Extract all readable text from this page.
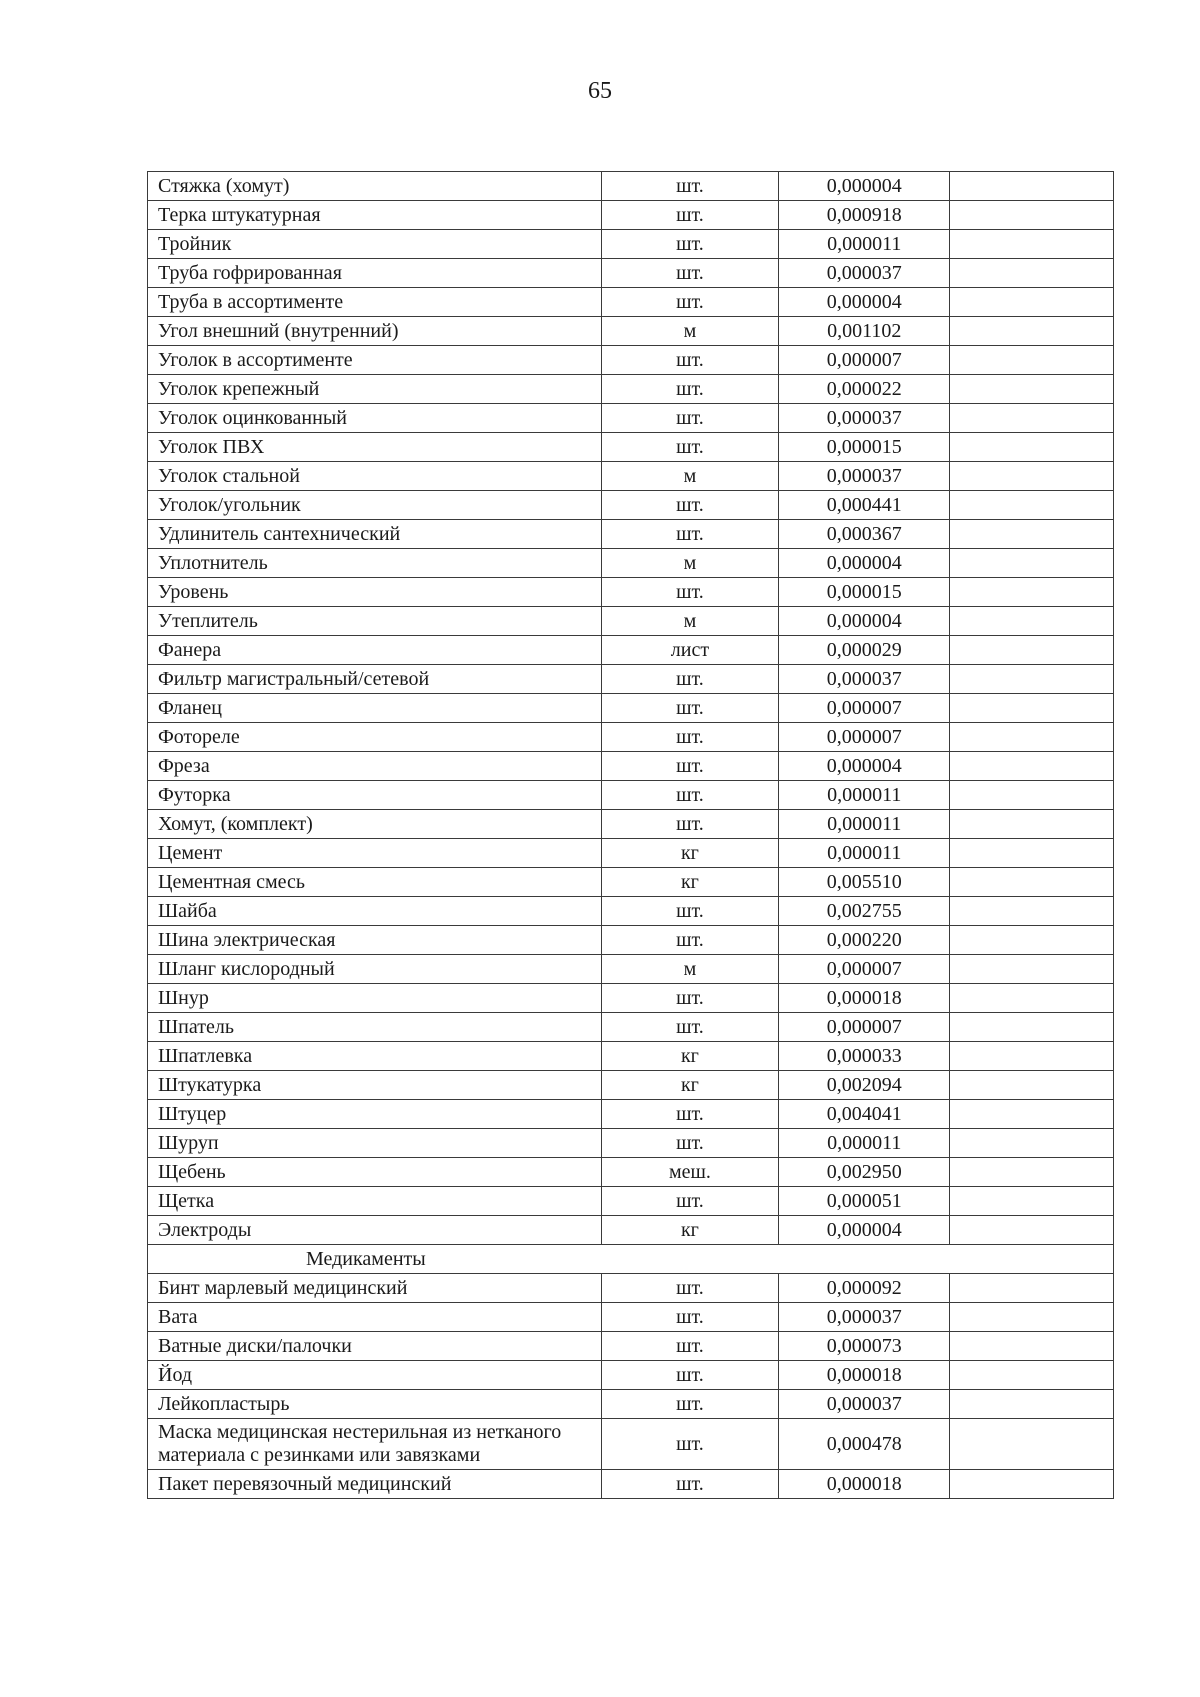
65
Стяжка (хомут)	шт.	0,000004	
Терка штукатурная	шт.	0,000918	
Тройник	шт.	0,000011	
Труба гофрированная	шт.	0,000037	
Труба в ассортименте	шт.	0,000004	
Угол внешний (внутренний)	м	0,001102	
Уголок в ассортименте	шт.	0,000007	
Уголок крепежный	шт.	0,000022	
Уголок оцинкованный	шт.	0,000037	
Уголок ПВХ	шт.	0,000015	
Уголок стальной	м	0,000037	
Уголок/угольник	шт.	0,000441	
Удлинитель сантехнический	шт.	0,000367	
Уплотнитель	м	0,000004	
Уровень	шт.	0,000015	
Утеплитель	м	0,000004	
Фанера	лист	0,000029	
Фильтр магистральный/сетевой	шт.	0,000037	
Фланец	шт.	0,000007	
Фотореле	шт.	0,000007	
Фреза	шт.	0,000004	
Футорка	шт.	0,000011	
Хомут, (комплект)	шт.	0,000011	
Цемент	кг	0,000011	
Цементная смесь	кг	0,005510	
Шайба	шт.	0,002755	
Шина электрическая	шт.	0,000220	
Шланг кислородный	м	0,000007	
Шнур	шт.	0,000018	
Шпатель	шт.	0,000007	
Шпатлевка	кг	0,000033	
Штукатурка	кг	0,002094	
Штуцер	шт.	0,004041	
Шуруп	шт.	0,000011	
Щебень	меш.	0,002950	
Щетка	шт.	0,000051	
Электроды	кг	0,000004	
Медикаменты			
Бинт марлевый медицинский	шт.	0,000092	
Вата	шт.	0,000037	
Ватные диски/палочки	шт.	0,000073	
Йод	шт.	0,000018	
Лейкопластырь	шт.	0,000037	
Маска медицинская нестерильная из нетканого материала с резинками или завязками	шт.	0,000478	
Пакет перевязочный медицинский	шт.	0,000018	
